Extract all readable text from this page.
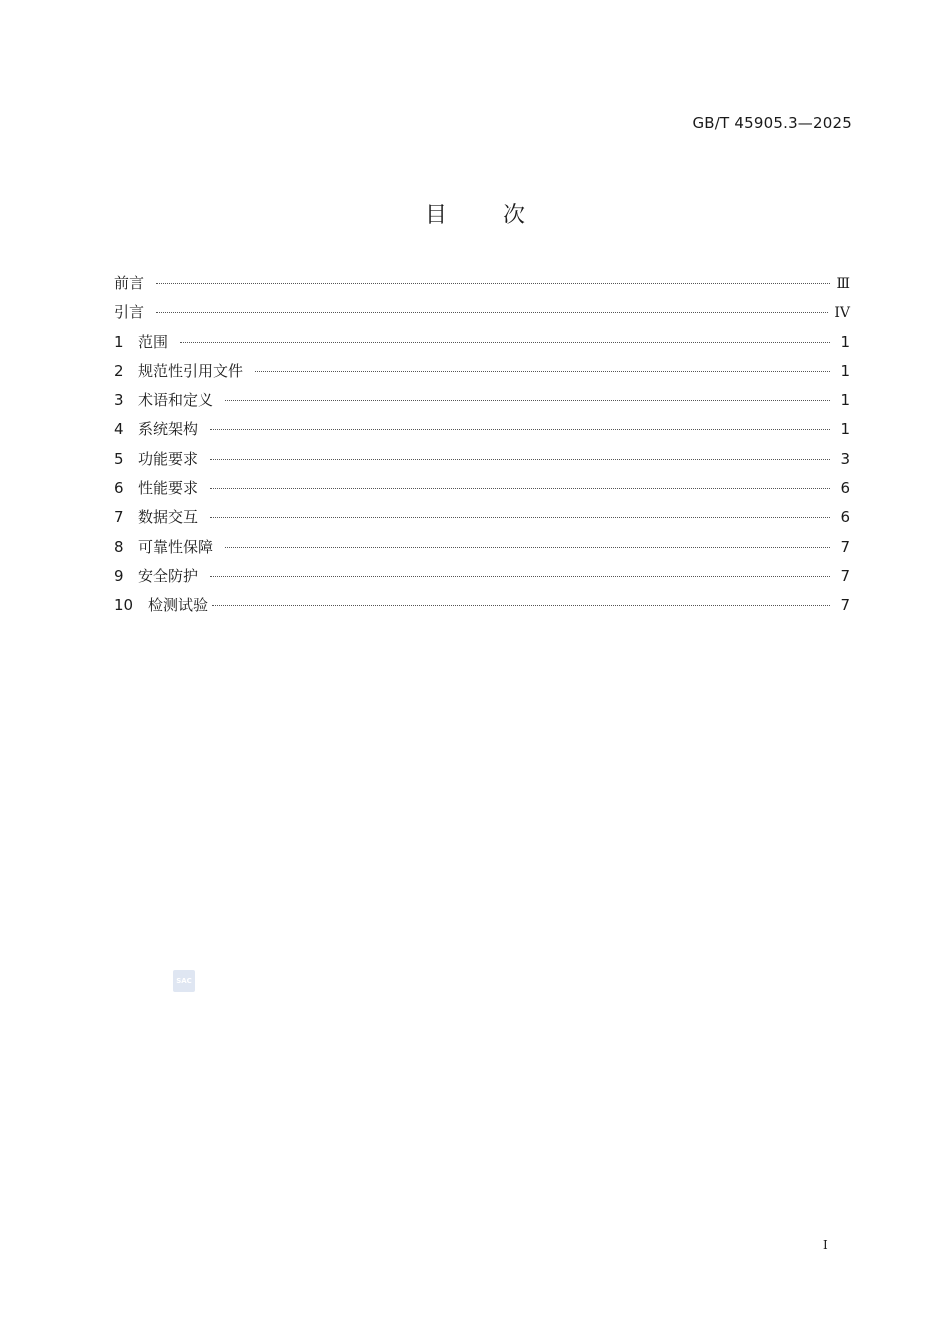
GB/T 45905.3—2025
目次
前言	Ⅲ
引言	IV
1 范围	1
2 规范性引用文件	1
3 术语和定义	1
4 系统架构	1
5 功能要求	3
6 性能要求	6
7 数据交互	6
8 可靠性保障	7
9 安全防护	7
10 检测试验	7
SAC
I
